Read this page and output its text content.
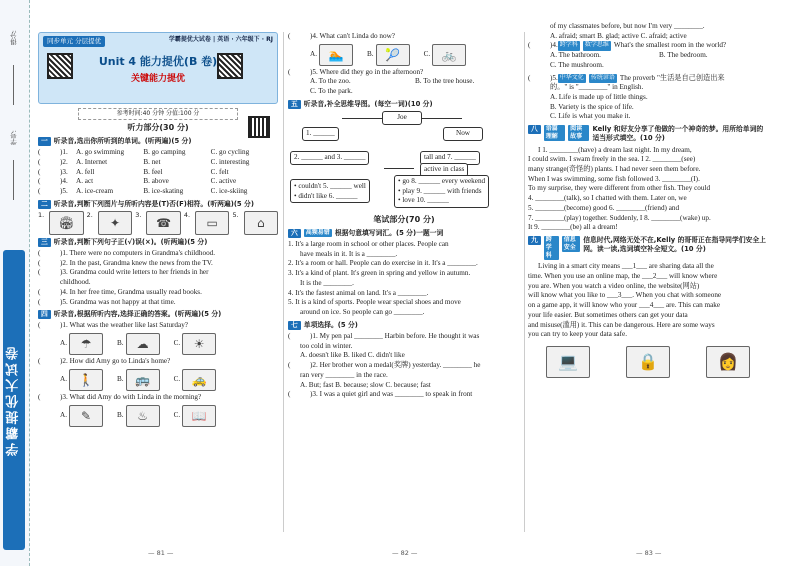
得分:
学号:
学霸提优大试卷
同步单元 分层提优	学霸提优大试卷 | 英语 · 六年级下 · RJ
Unit 4 能力提优(B 卷)
关键能力提优
参考时间:40 分钟 分值:100 分
听力部分(30 分)
一 听录音,选出你所听到的单词。(听两遍)(5 分)
(	)1.	A. go swimming	B. go camping	C. go cycling
(	)2.	A. Internet	B. net	C. interesting
(	)3.	A. fell	B. feel	C. felt
(	)4.	A. act	B. above	C. active
(	)5.	A. ice-cream	B. ice-skating	C. ice-skiing
二 听录音,判断下列图片与所听内容是(T)否(F)相符。(听两遍)(5 分)
1.
🏟
2.
✦
3.
☎
4.
▭
5.
⌂
三 听录音,判断下列句子正(√)误(×)。(听两遍)(5 分)
(	)1. There were no computers in Grandma's childhood.
(	)2. In the past, Grandma knew the news from the TV.
(	)3. Grandma could write letters to her friends in her
childhood.
(	)4. In her free time, Grandma usually read books.
(	)5. Grandma was not happy at that time.
四 听录音,根据所听内容,选择正确的答案。(听两遍)(5 分)
(	)1. What was the weather like last Saturday?
A.	☂	B.	☁	C.	☀
(	)2. How did Amy go to Linda's home?
A. 🚶	B. 🚌	C. 🚕
(	)3. What did Amy do with Linda in the morning?
A.	✎	B.	♨	C. 📖
(	)4. What can't Linda do now?
A. 🏊	B. 🎾	C. 🚲
(	)5. Where did they go in the afternoon?
A. To the zoo.	B. To the tree house.
C. To the park.
五 听录音,补全思维导图。(每空一词)(10 分)
Joe
1. ______	Now
2. ______ and 3. ______	tall and 7. ______
active in class
• couldn't 5. ______ well
• didn't like 6. ______
• go 8. ______ every weekend
• play 9. ______ with friends
• love 10. ______
笔试部分(70 分)
六	高频易错 根据句意填写词汇。(5 分)一题一词
1. It's a large room in school or other places. People can
have meals in it. It is a ________.
2. It's a room or hall. People can do exercise in it. It's a ________.
3. It's a kind of plant. It's green in spring and yellow in autumn.
It is the ________.
4. It's the fastest animal on land. It's a ________.
5. It is a kind of sports. People wear special shoes and move
around on ice. So people can go ________.
七 单项选择。(5 分)
(	)1. My pen pal ________ Harbin before. He thought it was
too cold in winter.
A. doesn't like B. liked C. didn't like
(	)2. Her brother won a medal(奖牌) yesterday. ________ he
ran very ________ in the race.
A. But; fast B. because; slow C. because; fast
(	)3. I was a quiet girl and was ________ to speak in front
of my classmates before, but now I'm very ________.
A. afraid; smart B. glad; active C. afraid; active
(	)4. 跨学科	数学思维 What's the smallest room in the world?
A. The bathroom.	B. The bedroom.
C. The mushroom.
(	)5. 中华文化	传统谚语 The proverb "生活是自己创造出来
的。" is "________" in English.
A. Life is made up of little things.
B. Variety is the spice of life.
C. Life is what you make it.
八	语篇理解
阅读故事
Kelly 和好友分享了他做的一个神奇的梦。用所给单词的适当形式填空。(10 分)
I 1. ________(have) a dream last night. In my dream,
I could swim. I swam freely in the sea. I 2. ________(see)
many strange(奇怪的) plants. I had never seen them before.
When I was swimming, some fish followed 3. ________(I).
To my surprise, they were different from other fish. They could
4. ________(talk), so I chatted with them. Later on, we
5. ________(become) good 6. ________(friend) and
7. ________(play) together. Suddenly, I 8. ________(wake) up.
It 9. ________(be) all a dream!
九	跨学科
信息安全
信息时代,网络无处不在,Kelly 的哥哥正在指导同学们安全上网。读一读,选词填空补全短文。(10 分)
Living in a smart city means ___1___ are sharing data all the
time. When you use an online map, the ___2___ will know where
you are. When you watch a video online, the website(网站)
will know what you like to ___3___. When you chat with someone
on a game app, it will know who your ___4___ are. This can make
your life easier. But sometimes others can get your data
and misuse(滥用) it. This can be dangerous. Here are some ways
you can try to keep your data safe.
💻	🔒	👩
— 81 —	— 82 —	— 83 —
